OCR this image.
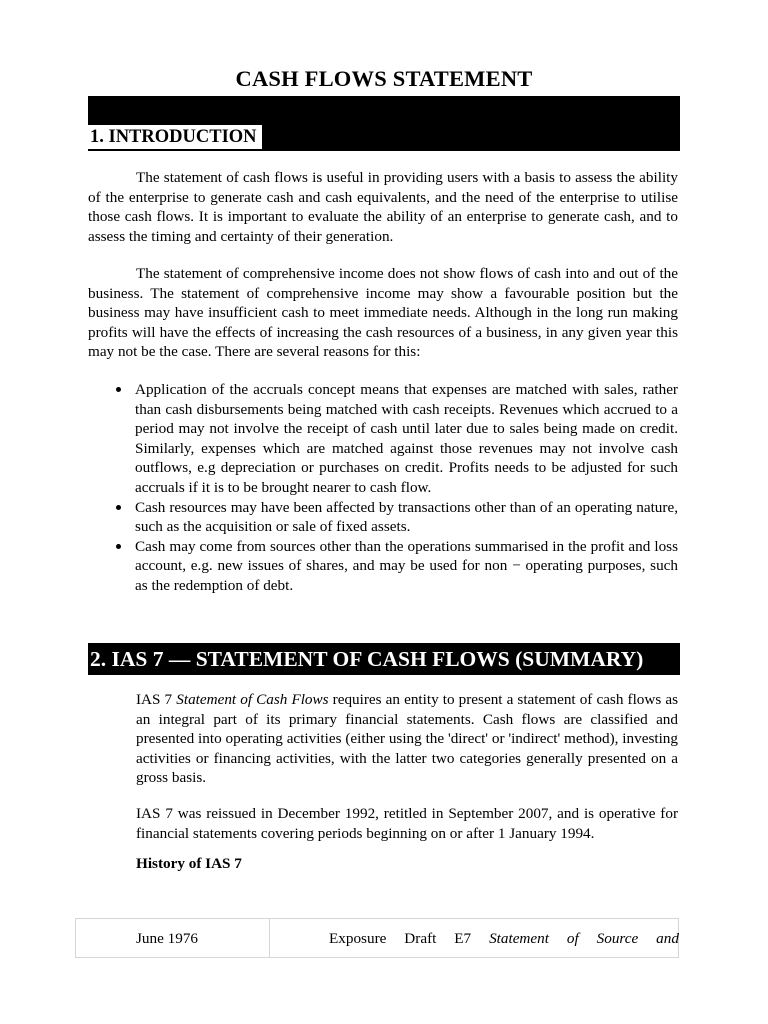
CASH FLOWS STATEMENT
1. INTRODUCTION

The statement of cash flows is useful in providing users with a basis to assess the ability of the enterprise to generate cash and cash equivalents, and the need of the enterprise to utilise those cash flows. It is important to evaluate the ability of an enterprise to generate cash, and to assess the timing and certainty of their generation.

The statement of comprehensive income does not show flows of cash into and out of the business. The statement of comprehensive income may show a favourable position but the business may have insufficient cash to meet immediate needs. Although in the long run making profits will have the effects of increasing the cash resources of a business, in any given year this may not be the case. There are several reasons for this:

Application of the accruals concept means that expenses are matched with sales, rather than cash disbursements being matched with cash receipts. Revenues which accrued to a period may not involve the receipt of cash until later due to sales being made on credit. Similarly, expenses which are matched against those revenues may not involve cash outflows, e.g depreciation or purchases on credit. Profits needs to be adjusted for such accruals if it is to be brought nearer to cash flow.
Cash resources may have been affected by transactions other than of an operating nature, such as the acquisition or sale of fixed assets.
Cash may come from sources other than the operations summarised in the profit and loss account, e.g. new issues of shares, and may be used for non − operating purposes, such as the redemption of debt.
2. IAS 7 — STATEMENT OF CASH FLOWS (SUMMARY)

IAS 7 Statement of Cash Flows requires an entity to present a statement of cash flows as an integral part of its primary financial statements. Cash flows are classified and presented into operating activities (either using the 'direct' or 'indirect' method), investing activities or financing activities, with the latter two categories generally presented on a gross basis.

IAS 7 was reissued in December 1992, retitled in September 2007, and is operative for financial statements covering periods beginning on or after 1 January 1994.

History of IAS 7
June 1976	Exposure Draft E7 Statement of Source and
